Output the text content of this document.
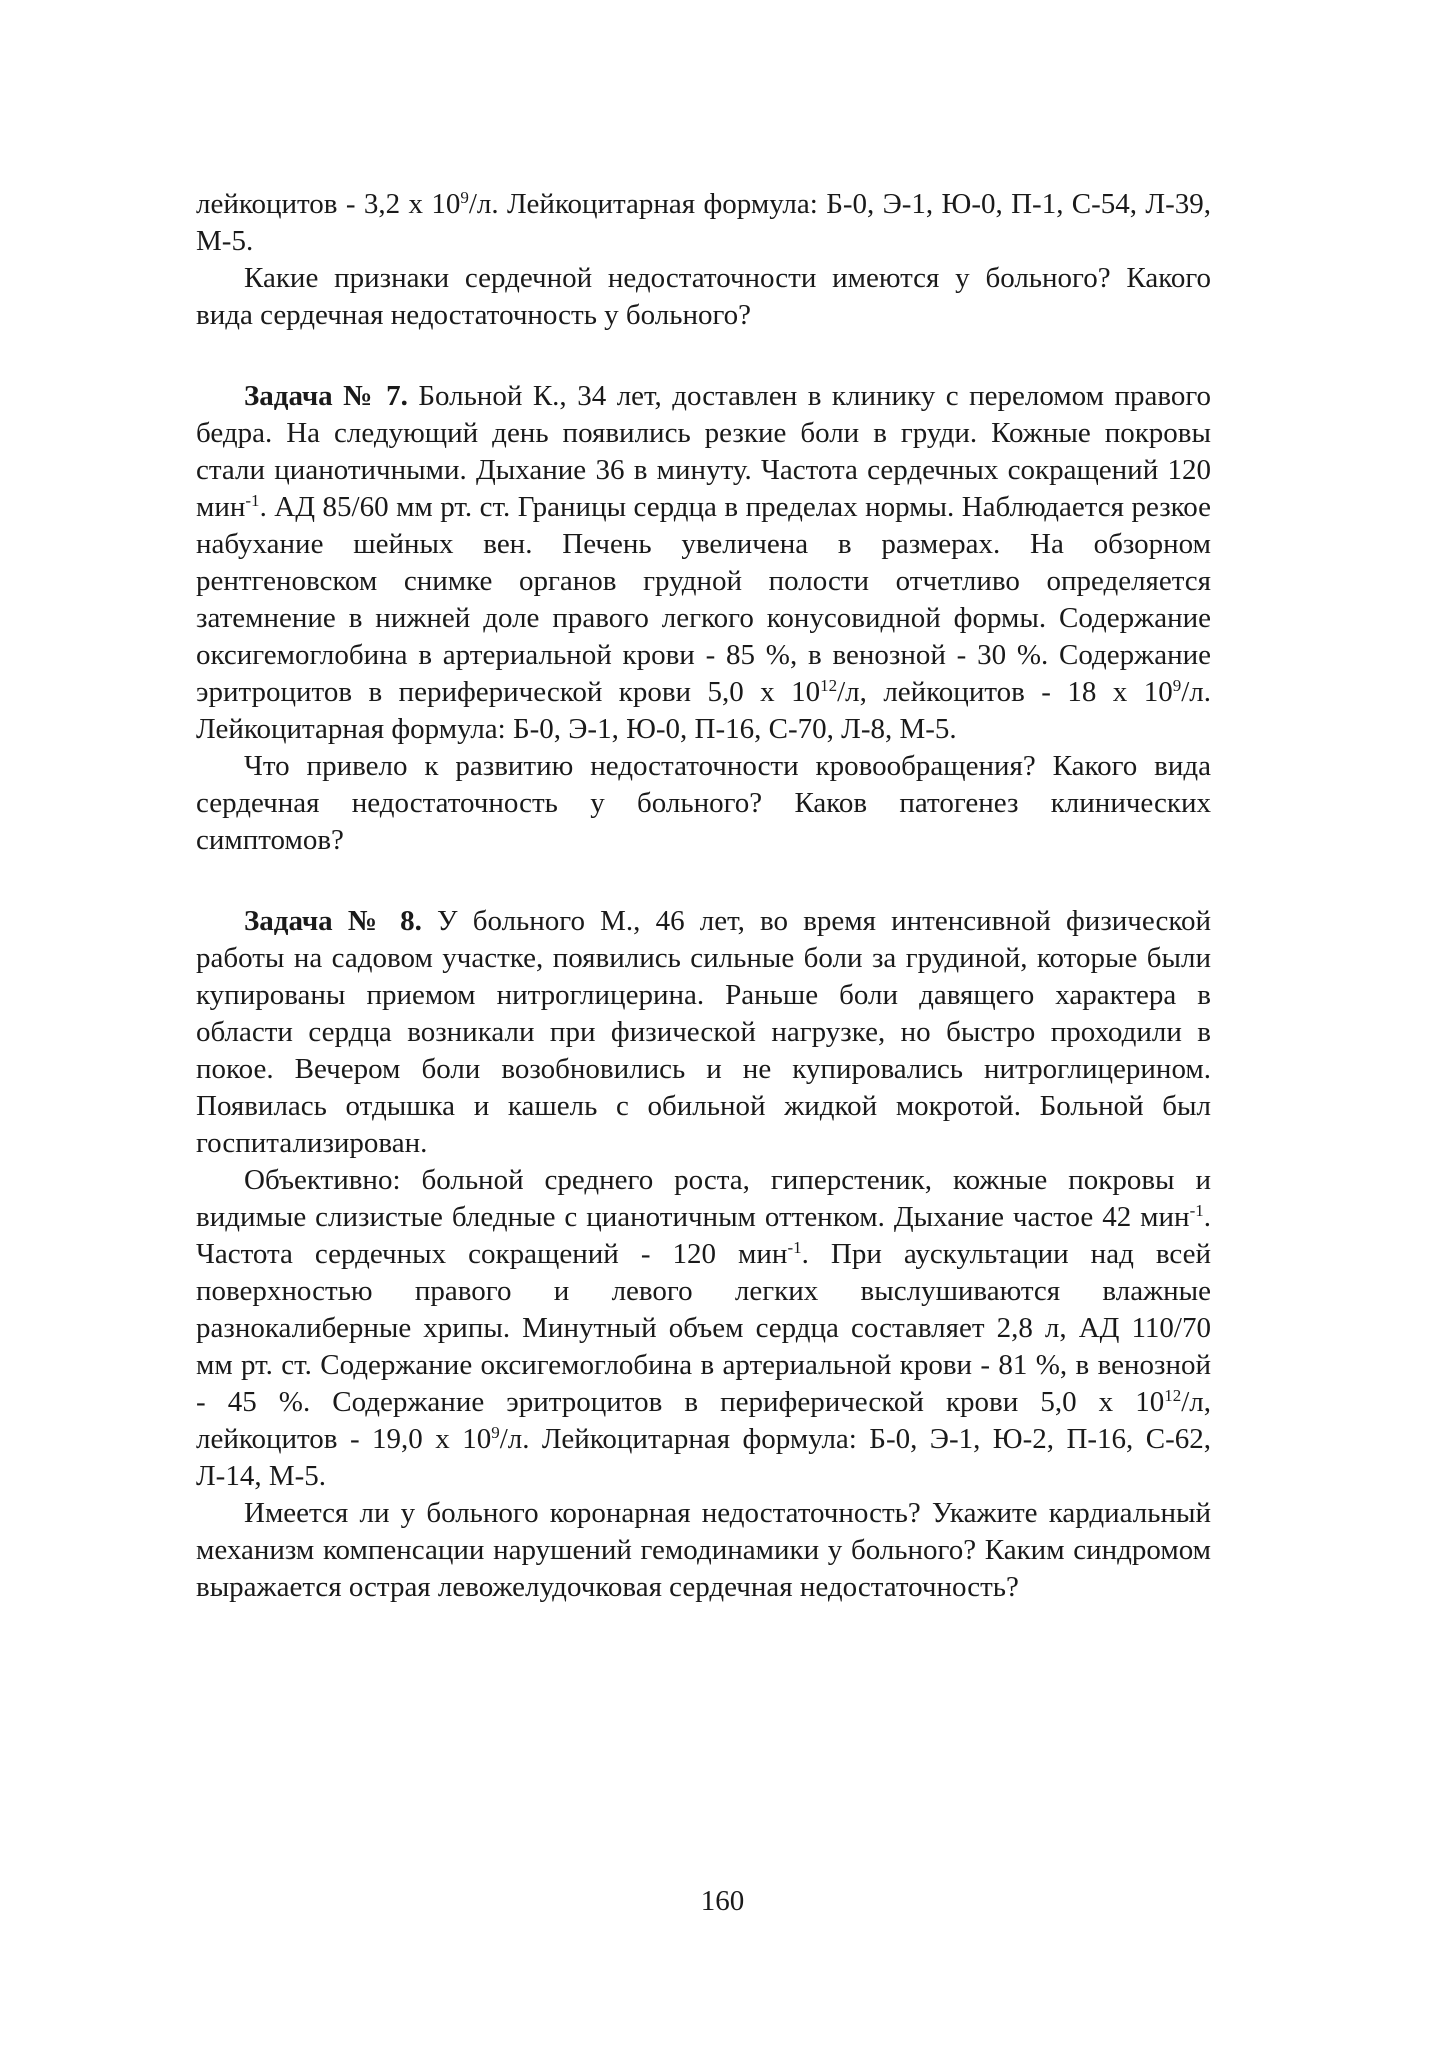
лейкоцитов - 3,2 х $10^9/л$. Лейкоцитарная формула: Б-0, Э-1, Ю-0, П-1, С-54, Л-39, М-5.

Какие признаки сердечной недостаточности имеются у больного? Какого вида сердечная недостаточность у больного?

Задача № 7. Больной К., 34 лет, доставлен в клинику с переломом правого бедра. На следующий день появились резкие боли в груди. Кожные покровы стали цианотичными. Дыхание 36 в минуту. Частота сердечных сокращений 120 мин$^{-1}$. АД 85/60 мм рт. ст. Границы сердца в пределах нормы. Наблюдается резкое набухание шейных вен. Печень увеличена в размерах. На обзорном рентгеновском снимке органов грудной полости отчетливо определяется затемнение в нижней доле правого легкого конусовидной формы. Содержание оксигемоглобина в артериальной крови - 85 %, в венозной - 30 %. Содержание эритроцитов в периферической крови 5,0 х $10^{12}/л$, лейкоцитов - 18 х $10^9/л$. Лейкоцитарная формула: Б-0, Э-1, Ю-0, П-16, С-70, Л-8, М-5.

Что привело к развитию недостаточности кровообращения? Какого вида сердечная недостаточность у больного? Каков патогенез клинических симптомов?

Задача № 8. У больного М., 46 лет, во время интенсивной физической работы на садовом участке, появились сильные боли за грудиной, которые были купированы приемом нитроглицерина. Раньше боли давящего характера в области сердца возникали при физической нагрузке, но быстро проходили в покое. Вечером боли возобновились и не купировались нитроглицерином. Появилась отдышка и кашель с обильной жидкой мокротой. Больной был госпитализирован.

Объективно: больной среднего роста, гиперстеник, кожные покровы и видимые слизистые бледные с цианотичным оттенком. Дыхание частое 42 мин$^{-1}$. Частота сердечных сокращений - 120 мин$^{-1}$. При аускультации над всей поверхностью правого и левого легких выслушиваются влажные разнокалиберные хрипы. Минутный объем сердца составляет 2,8 л, АД 110/70 мм рт. ст. Содержание оксигемоглобина в артериальной крови - 81 %, в венозной - 45 %. Содержание эритроцитов в периферической крови 5,0 х $10^{12}/л$, лейкоцитов - 19,0 х $10^9/л$. Лейкоцитарная формула: Б-0, Э-1, Ю-2, П-16, С-62, Л-14, М-5.

Имеется ли у больного коронарная недостаточность? Укажите кардиальный механизм компенсации нарушений гемодинамики у больного? Каким синдромом выражается острая левожелудочковая сердечная недостаточность?

160
